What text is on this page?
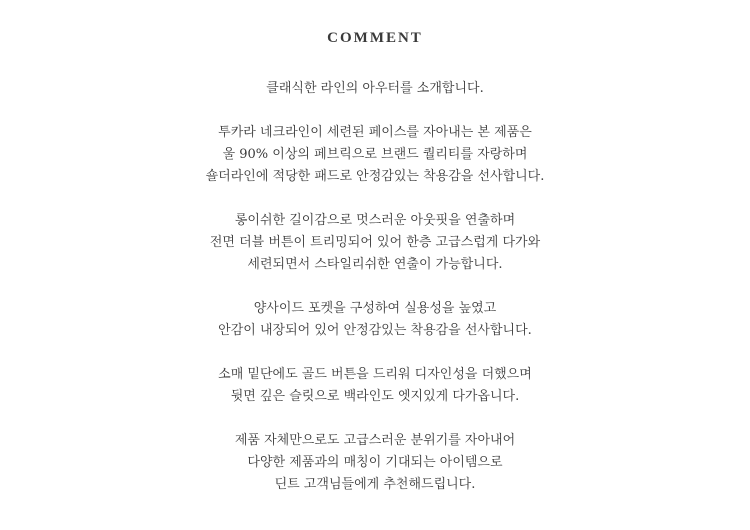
COMMENT
클래식한 라인의 아우터를 소개합니다.
투카라 네크라인이 세련된 페이스를 자아내는 본 제품은
울 90% 이상의 페브릭으로 브랜드 퀄리티를 자랑하며
숄더라인에 적당한 패드로 안정감있는 착용감을 선사합니다.
롱이쉬한 길이감으로 멋스러운 아웃핏을 연출하며
전면 더블 버튼이 트리밍되어 있어 한층 고급스럽게 다가와
세련되면서 스타일리쉬한 연출이 가능합니다.
양사이드 포켓을 구성하여 실용성을 높였고
안감이 내장되어 있어 안정감있는 착용감을 선사합니다.
소매 밑단에도 골드 버튼을 드리워 디자인성을 더했으며
뒷면 깊은 슬릿으로 백라인도 엣지있게 다가옵니다.
제품 자체만으로도 고급스러운 분위기를 자아내어
다양한 제품과의 매칭이 기대되는 아이템으로
딘트 고객님들에게 추천해드립니다.
